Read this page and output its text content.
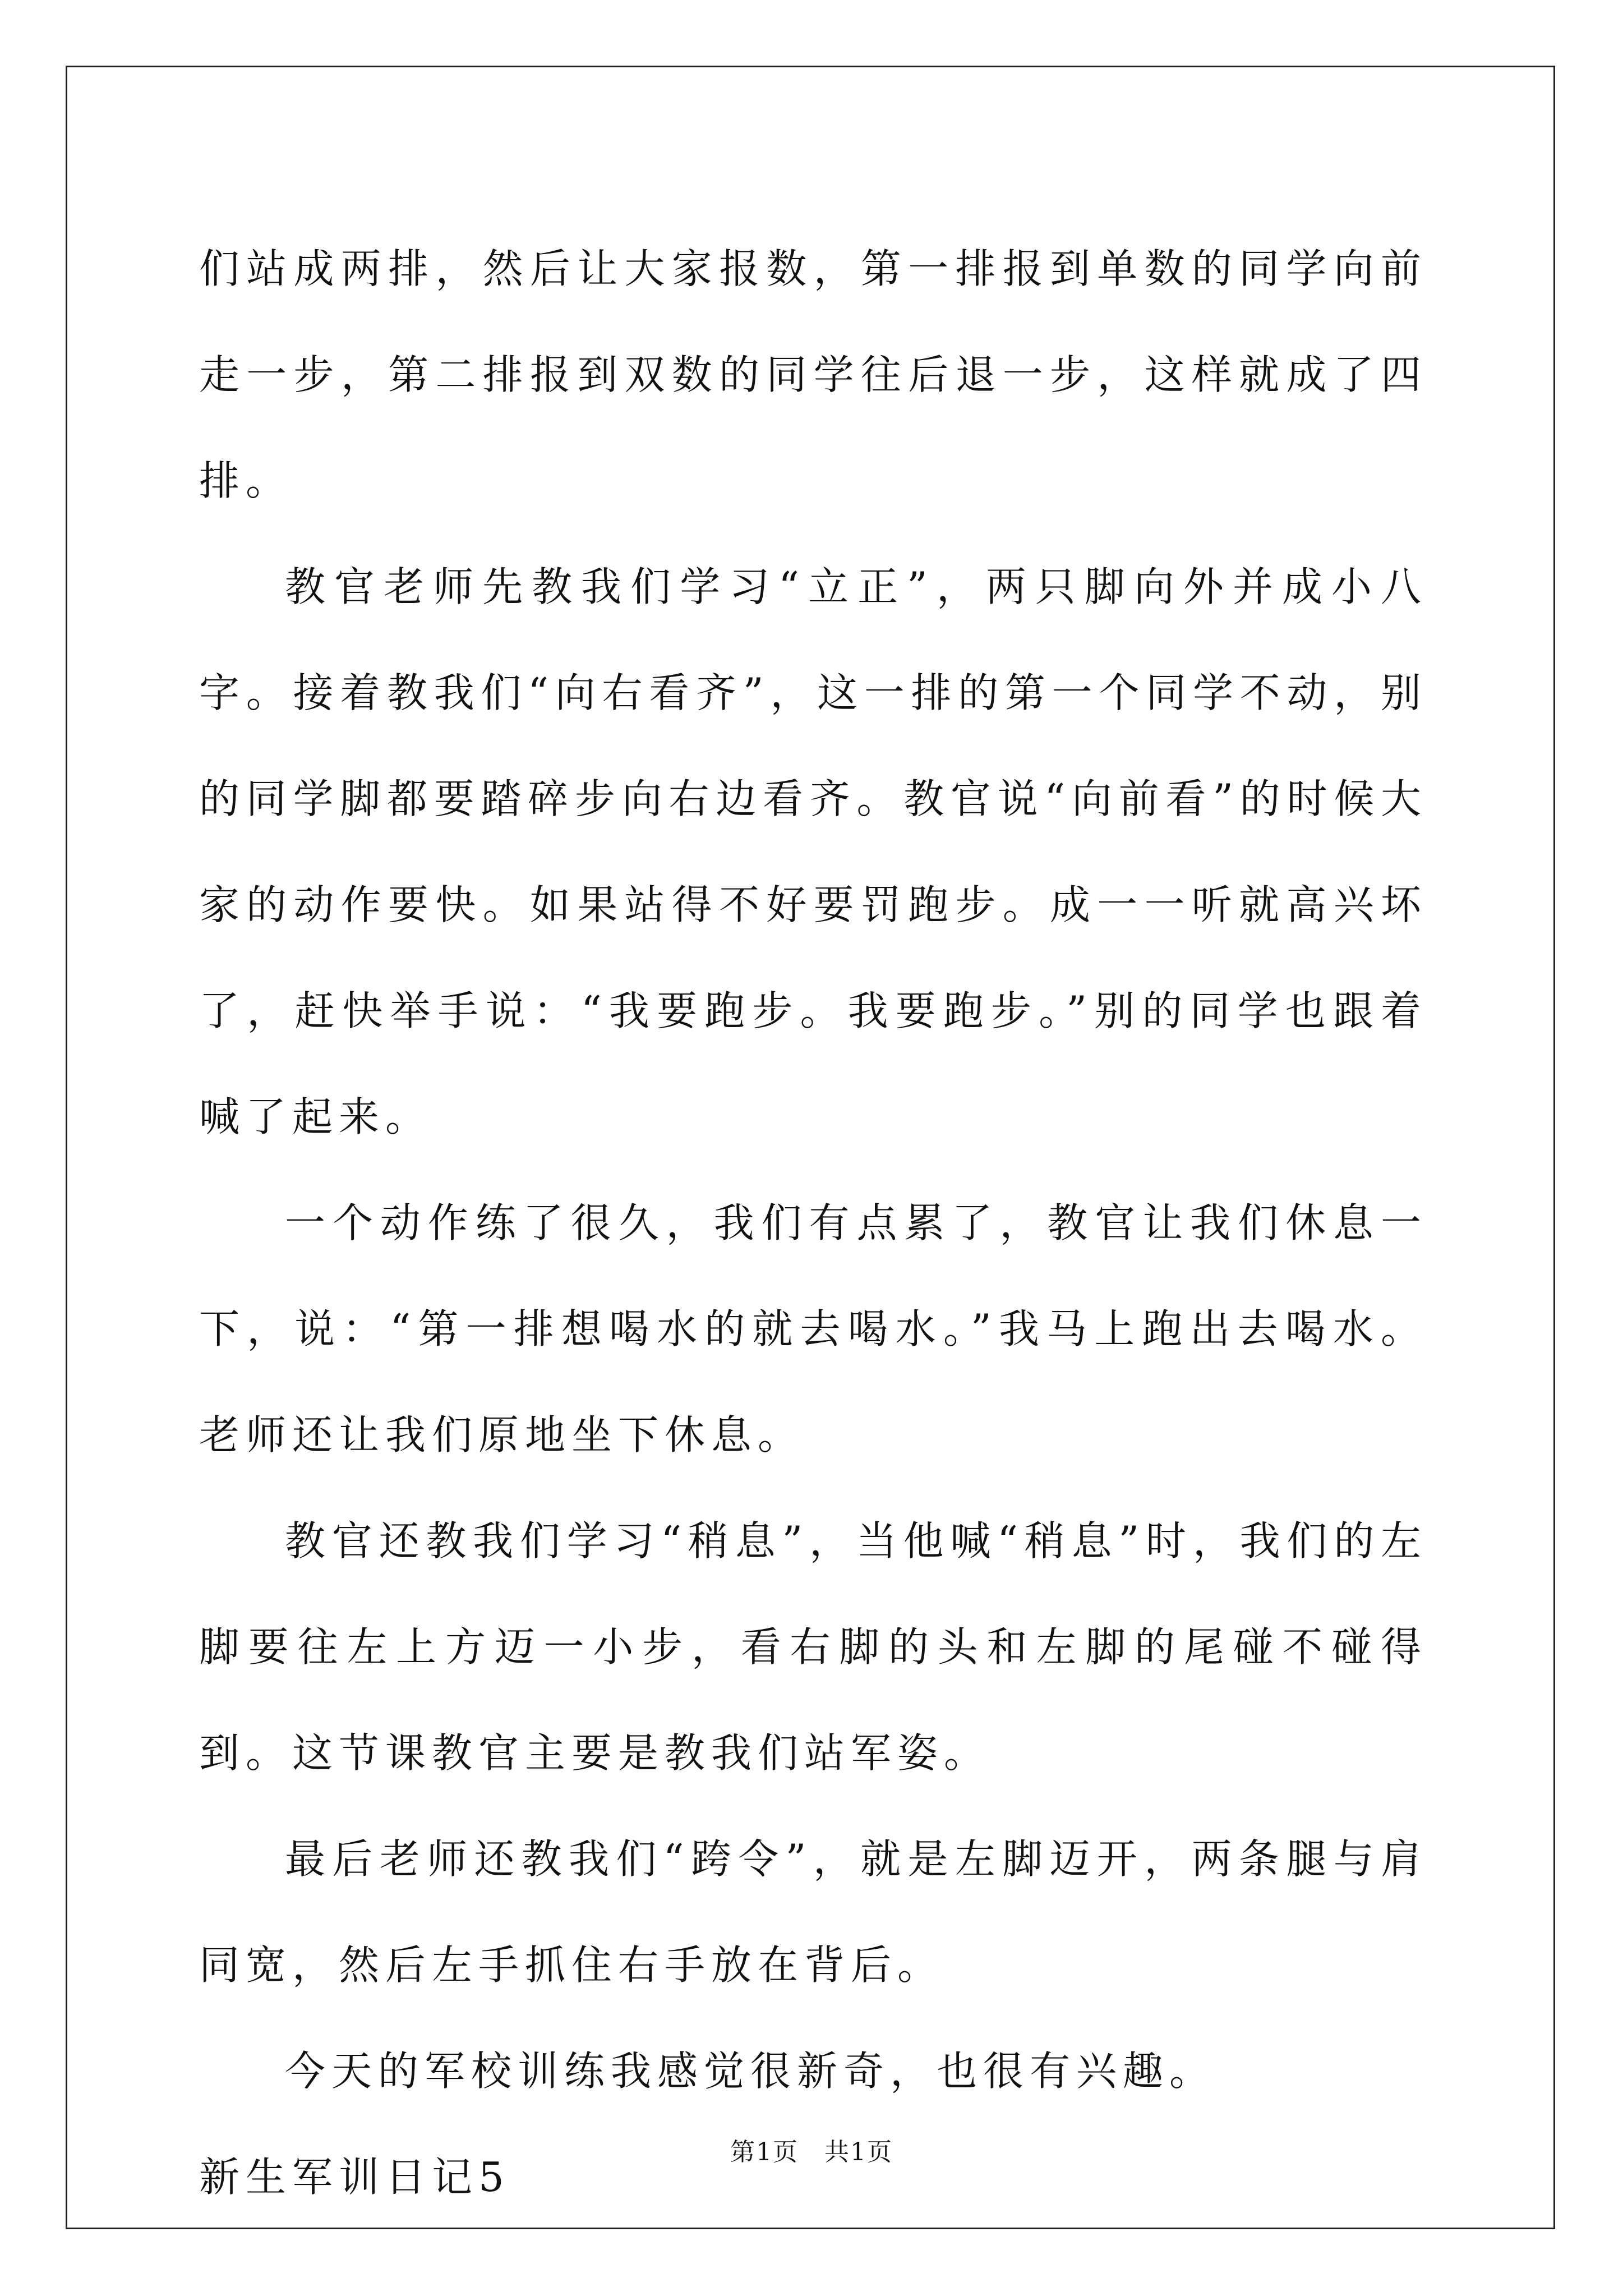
们站成两排，然后让大家报数，第一排报到单数的同学向前走一步，第二排报到双数的同学往后退一步，这样就成了四排。

教官老师先教我们学习“立正”，两只脚向外并成小八字。接着教我们“向右看齐”，这一排的第一个同学不动，别的同学脚都要踏碎步向右边看齐。教官说“向前看”的时候大家的动作要快。如果站得不好要罚跑步。成一一听就高兴坏了，赶快举手说：“我要跑步。我要跑步。”别的同学也跟着喊了起来。

一个动作练了很久，我们有点累了，教官让我们休息一下，说：“第一排想喝水的就去喝水。”我马上跑出去喝水。老师还让我们原地坐下休息。

教官还教我们学习“稍息”，当他喊“稍息”时，我们的左脚要往左上方迈一小步，看右脚的头和左脚的尾碰不碰得到。这节课教官主要是教我们站军姿。

最后老师还教我们“跨令”，就是左脚迈开，两条腿与肩同宽，然后左手抓住右手放在背后。

今天的军校训练我感觉很新奇，也很有兴趣。

新生军训日记5

第1页　共1页
